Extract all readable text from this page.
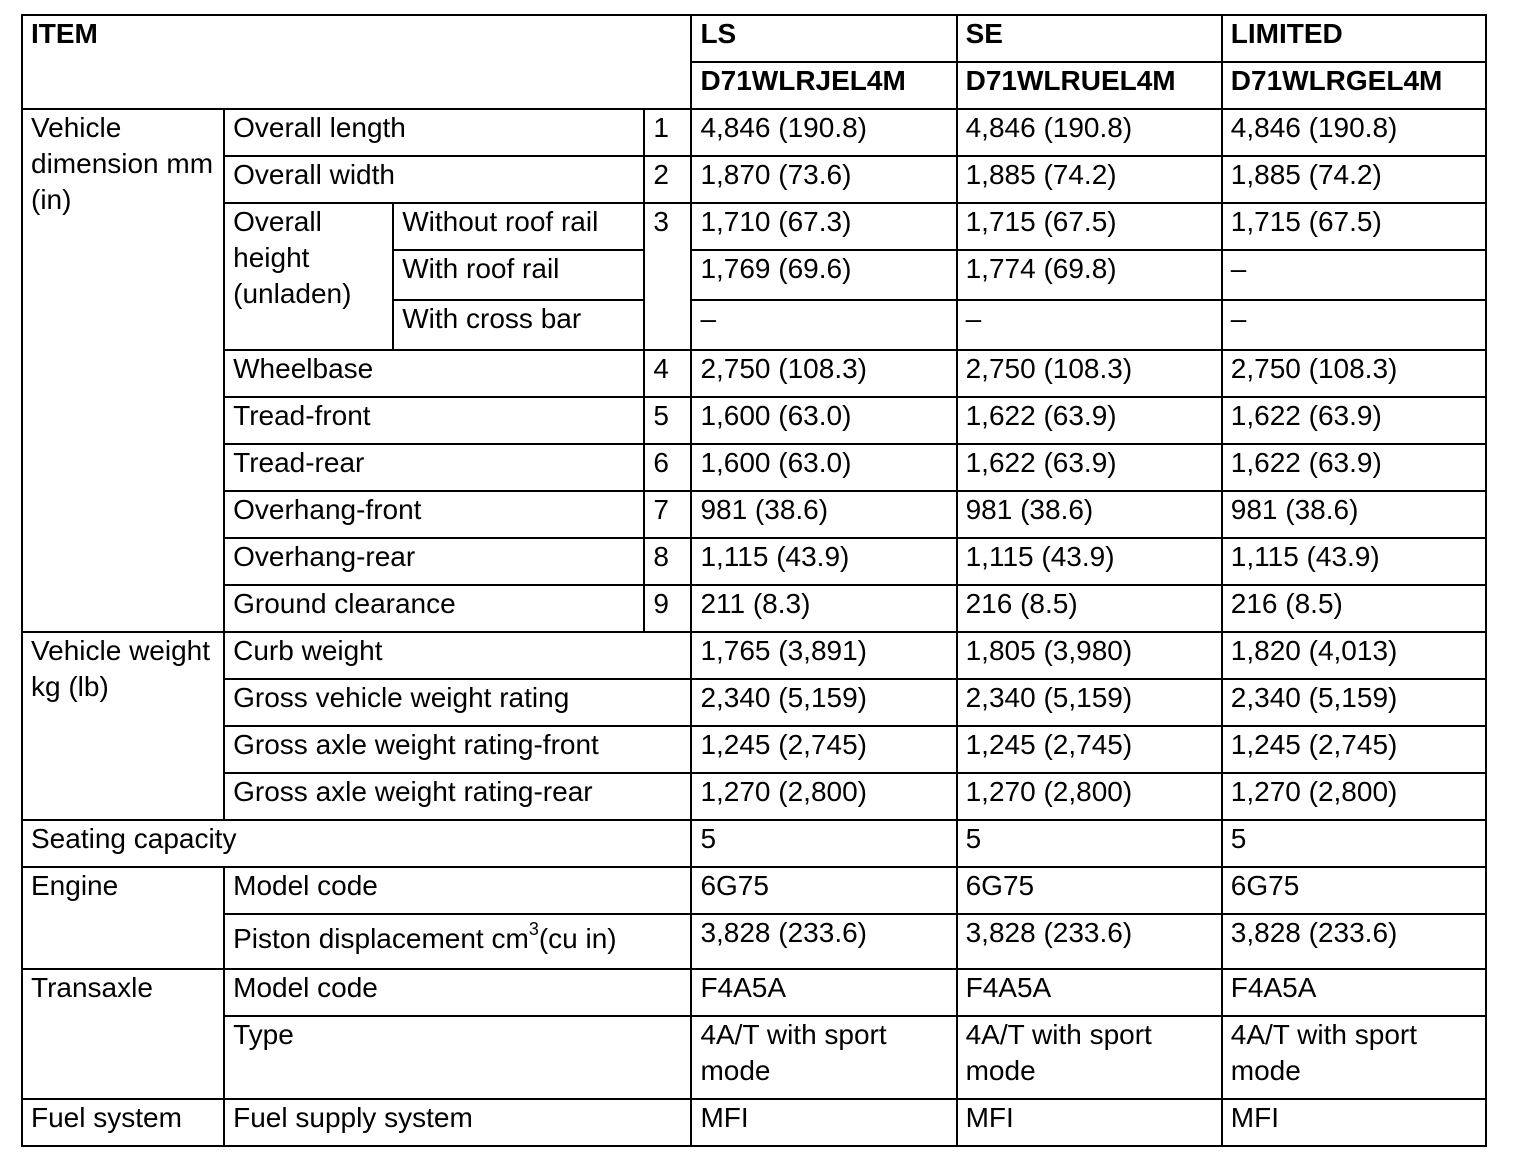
ITEM				LS	SE	LIMITED
				D71WLRJEL4M	D71WLRUEL4M	D71WLRGEL4M
Vehicle dimension mm (in)	Overall length		1	4,846 (190.8)	4,846 (190.8)	4,846 (190.8)
	Overall width		2	1,870 (73.6)	1,885 (74.2)	1,885 (74.2)
	Overall height (unladen)	Without roof rail	3	1,710 (67.3)	1,715 (67.5)	1,715 (67.5)
		With roof rail		1,769 (69.6)	1,774 (69.8)	–
		With cross bar		–	–	–
	Wheelbase		4	2,750 (108.3)	2,750 (108.3)	2,750 (108.3)
	Tread-front		5	1,600 (63.0)	1,622 (63.9)	1,622 (63.9)
	Tread-rear		6	1,600 (63.0)	1,622 (63.9)	1,622 (63.9)
	Overhang-front		7	981 (38.6)	981 (38.6)	981 (38.6)
	Overhang-rear		8	1,115 (43.9)	1,115 (43.9)	1,115 (43.9)
	Ground clearance		9	211 (8.3)	216 (8.5)	216 (8.5)
Vehicle weight kg (lb)	Curb weight			1,765 (3,891)	1,805 (3,980)	1,820 (4,013)
	Gross vehicle weight rating			2,340 (5,159)	2,340 (5,159)	2,340 (5,159)
	Gross axle weight rating-front			1,245 (2,745)	1,245 (2,745)	1,245 (2,745)
	Gross axle weight rating-rear			1,270 (2,800)	1,270 (2,800)	1,270 (2,800)
Seating capacity				5	5	5
Engine	Model code			6G75	6G75	6G75
	Piston displacement $cm^3(cu$ in)			3,828 (233.6)	3,828 (233.6)	3,828 (233.6)
Transaxle	Model code			F4A5A	F4A5A	F4A5A
	Type			4A/T with sport mode	4A/T with sport mode	4A/T with sport mode
Fuel system	Fuel supply system			MFI	MFI	MFI
